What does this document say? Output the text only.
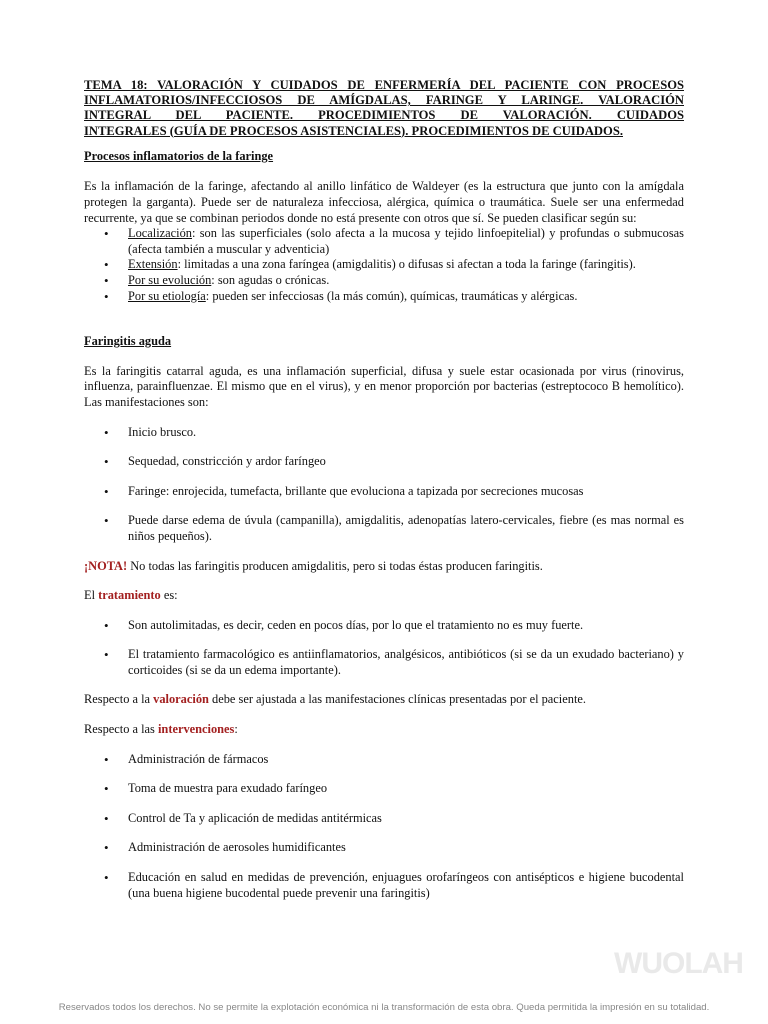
TEMA 18: VALORACIÓN Y CUIDADOS DE ENFERMERÍA DEL PACIENTE CON PROCESOS
INFLAMATORIOS/INFECCIOSOS DE AMÍGDALAS, FARINGE Y LARINGE. VALORACIÓN
INTEGRAL DEL PACIENTE. PROCEDIMIENTOS DE VALORACIÓN. CUIDADOS
INTEGRALES (GUÍA DE PROCESOS ASISTENCIALES). PROCEDIMIENTOS DE CUIDADOS.

Procesos inflamatorios de la faringe

Es la inflamación de la faringe, afectando al anillo linfático de Waldeyer (es la estructura que junto con la amígdala protegen la garganta). Puede ser de naturaleza infecciosa, alérgica, química o traumática. Suele ser una enfermedad recurrente, ya que se combinan periodos donde no está presente con otros que sí. Se pueden clasificar según su:

• Localización: son las superficiales (solo afecta a la mucosa y tejido linfoepitelial) y profundas o submucosas (afecta también a muscular y adventicia)
• Extensión: limitadas a una zona faríngea (amigdalitis) o difusas si afectan a toda la faringe (faringitis).
• Por su evolución: son agudas o crónicas.
• Por su etiología: pueden ser infecciosas (la más común), químicas, traumáticas y alérgicas.

Faringitis aguda

Es la faringitis catarral aguda, es una inflamación superficial, difusa y suele estar ocasionada por virus (rinovirus, influenza, parainfluenzae. El mismo que en el virus), y en menor proporción por bacterias (estreptococo B hemolítico). Las manifestaciones son:

• Inicio brusco.
• Sequedad, constricción y ardor faríngeo
• Faringe: enrojecida, tumefacta, brillante que evoluciona a tapizada por secreciones mucosas
• Puede darse edema de úvula (campanilla), amigdalitis, adenopatías latero-cervicales, fiebre (es mas normal es niños pequeños).

¡NOTA! No todas las faringitis producen amigdalitis, pero si todas éstas producen faringitis.

El tratamiento es:

• Son autolimitadas, es decir, ceden en pocos días, por lo que el tratamiento no es muy fuerte.
• El tratamiento farmacológico es antiinflamatorios, analgésicos, antibióticos (si se da un exudado bacteriano) y corticoides (si se da un edema importante).

Respecto a la valoración debe ser ajustada a las manifestaciones clínicas presentadas por el paciente.

Respecto a las intervenciones:

• Administración de fármacos
• Toma de muestra para exudado faríngeo
• Control de Ta y aplicación de medidas antitérmicas
• Administración de aerosoles humidificantes
• Educación en salud en medidas de prevención, enjuagues orofaríngeos con antisépticos e higiene bucodental (una buena higiene bucodental puede prevenir una faringitis)
WUOLAH
Reservados todos los derechos. No se permite la explotación económica ni la transformación de esta obra. Queda permitida la impresión en su totalidad.
